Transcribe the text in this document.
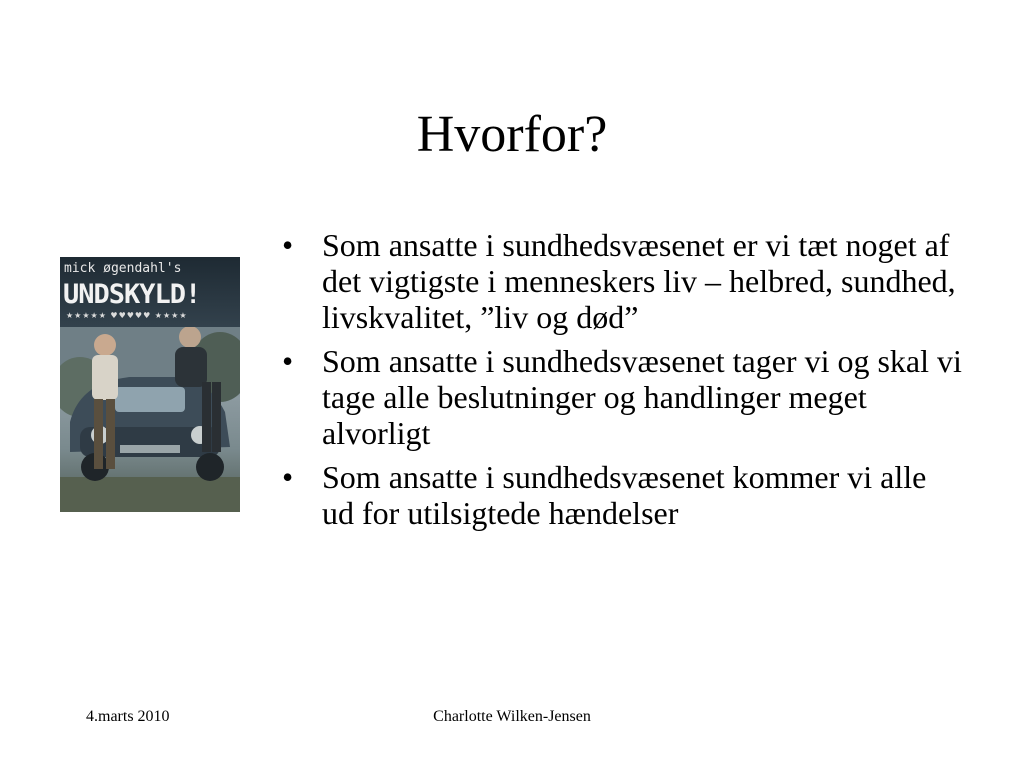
Hvorfor?
mick øgendahl's
UNDSKYLD!
★★★★★ ♥♥♥♥♥ ★★★★
• Som ansatte i sundhedsvæsenet er vi tæt noget af det vigtigste i menneskers liv – helbred, sundhed, livskvalitet, ”liv og død”
• Som ansatte i sundhedsvæsenet tager vi og skal vi tage alle beslutninger og handlinger meget alvorligt
• Som ansatte i sundhedsvæsenet kommer vi alle ud for utilsigtede hændelser
4.marts 2010	Charlotte Wilken-Jensen
